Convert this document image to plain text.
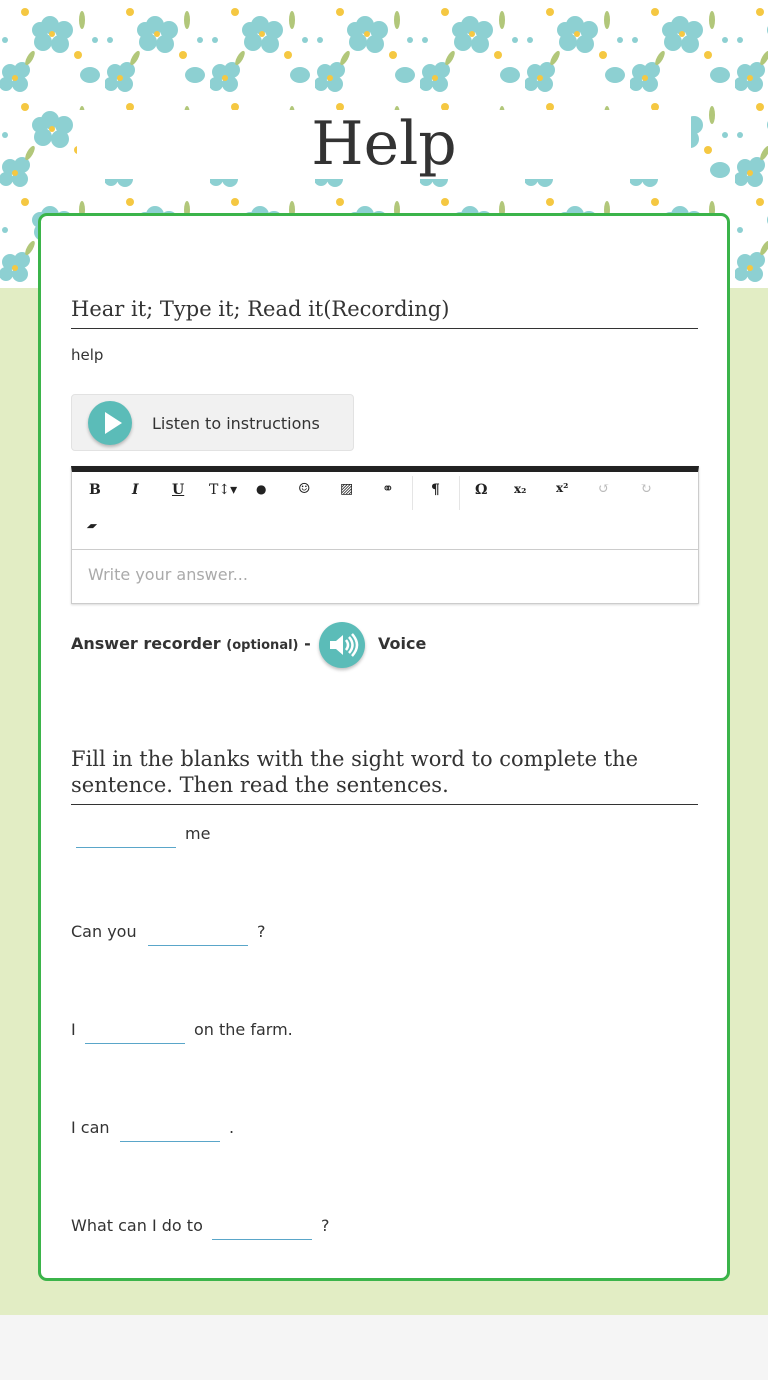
Help
Hear it; Type it; Read it(Recording)
help
Listen to instructions
B I U T↕▾ ● ☺ ▨ ⚭	¶	Ω x₂ x² ↺ ↻
▰
Write your answer...
Answer recorder (optional) -	Voice
Fill in the blanks with the sight word to complete the sentence. Then read the sentences.
me
Can you	?
I	on the farm.
I can	.
What can I do to	?
